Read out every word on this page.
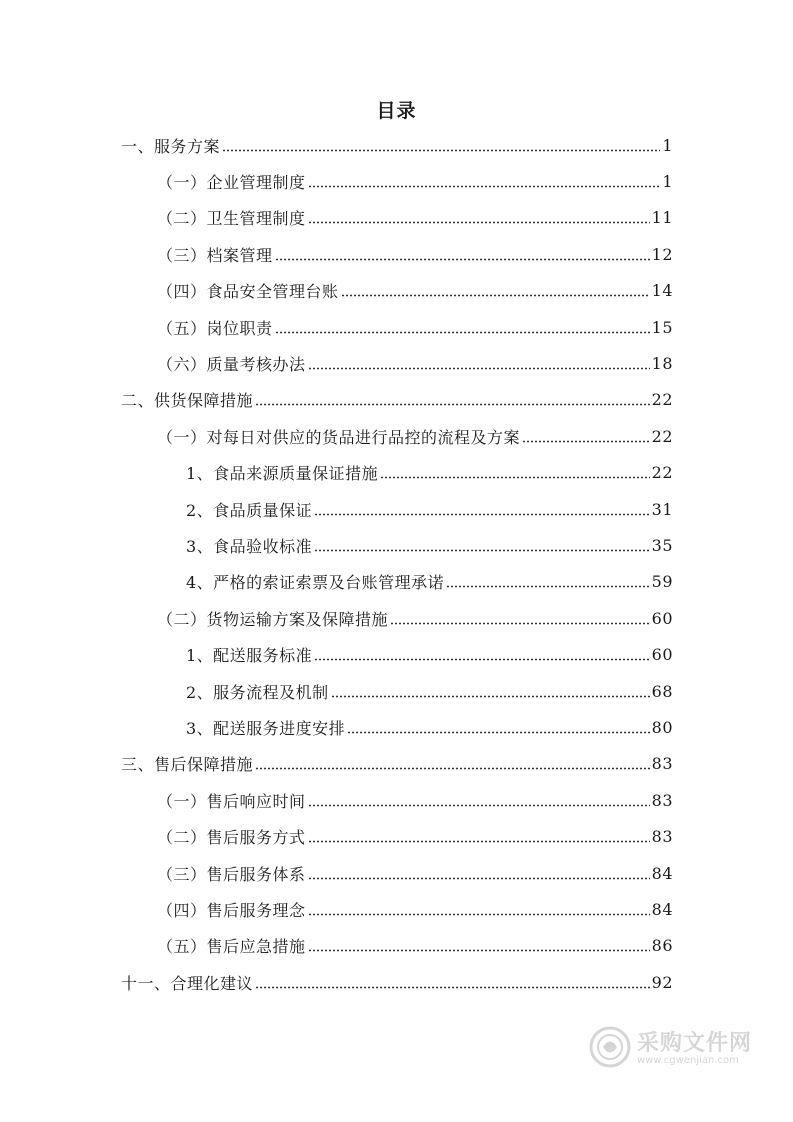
目录
一、服务方案	1
（一）企业管理制度	1
（二）卫生管理制度	11
（三）档案管理	12
（四）食品安全管理台账	14
（五）岗位职责	15
（六）质量考核办法	18
二、供货保障措施	22
（一）对每日对供应的货品进行品控的流程及方案	22
1、食品来源质量保证措施	22
2、食品质量保证	31
3、食品验收标准	35
4、严格的索证索票及台账管理承诺	59
（二）货物运输方案及保障措施	60
1、配送服务标准	60
2、服务流程及机制	68
3、配送服务进度安排	80
三、售后保障措施	83
（一）售后响应时间	83
（二）售后服务方式	83
（三）售后服务体系	84
（四）售后服务理念	84
（五）售后应急措施	86
十一、合理化建议	92
采购文件网
www.cgwenjian.com
